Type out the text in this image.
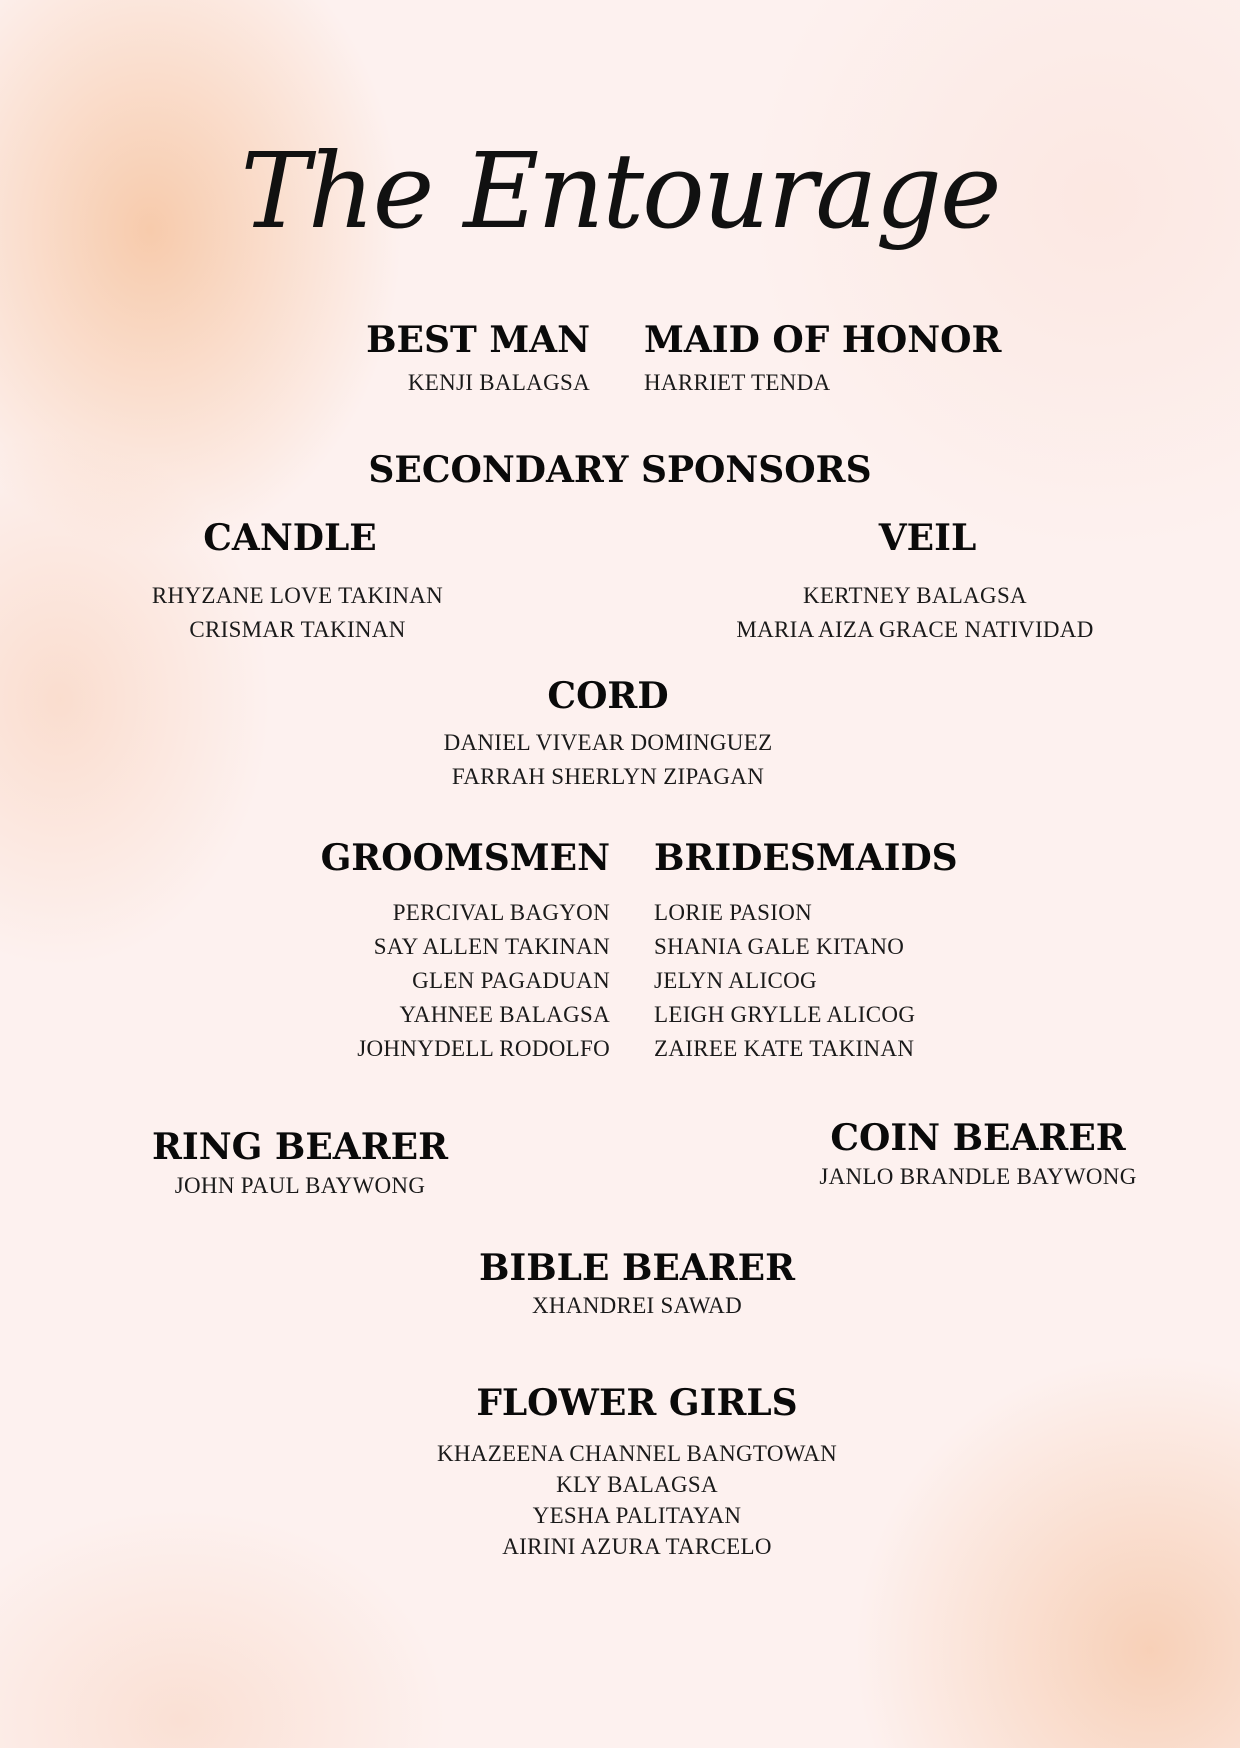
The Entourage
BEST MAN
KENJI BALAGSA
MAID OF HONOR
HARRIET TENDA
SECONDARY SPONSORS
CANDLE
RHYZANE LOVE TAKINAN
CRISMAR TAKINAN
VEIL
KERTNEY BALAGSA
MARIA AIZA GRACE NATIVIDAD
CORD
DANIEL VIVEAR DOMINGUEZ
FARRAH SHERLYN ZIPAGAN
GROOMSMEN
PERCIVAL BAGYON
SAY ALLEN TAKINAN
GLEN PAGADUAN
YAHNEE BALAGSA
JOHNYDELL RODOLFO
BRIDESMAIDS
LORIE PASION
SHANIA GALE KITANO
JELYN ALICOG
LEIGH GRYLLE ALICOG
ZAIREE KATE TAKINAN
RING BEARER
JOHN PAUL BAYWONG
COIN BEARER
JANLO BRANDLE BAYWONG
BIBLE BEARER
XHANDREI SAWAD
FLOWER GIRLS
KHAZEENA CHANNEL BANGTOWAN
KLY BALAGSA
YESHA PALITAYAN
AIRINI AZURA TARCELO
